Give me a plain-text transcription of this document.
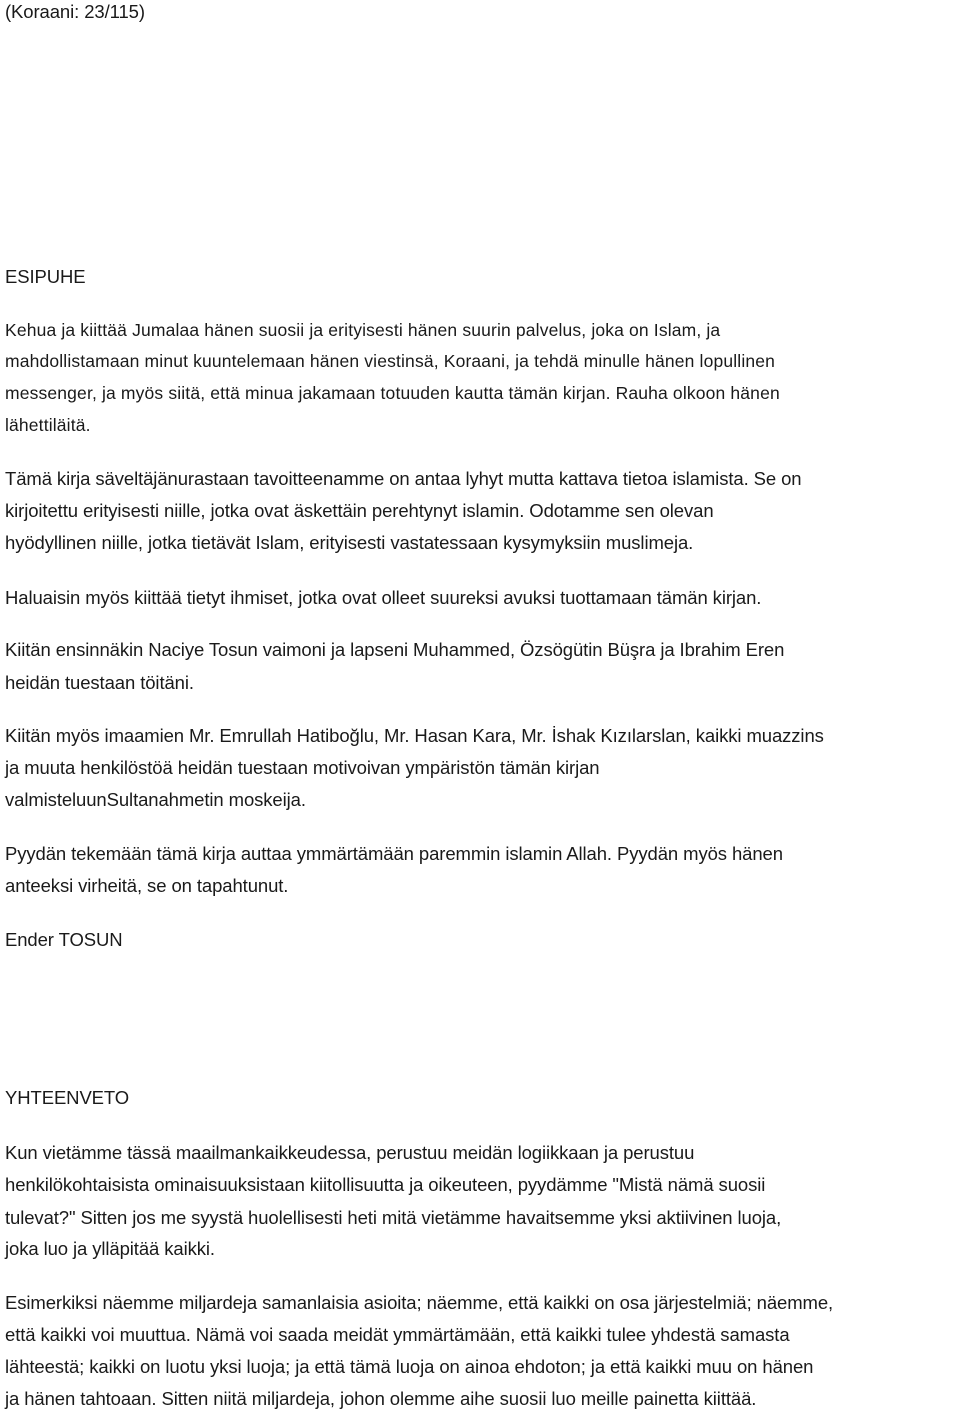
(Koraani: 23/115)
ESIPUHE
Kehua ja kiittää Jumalaa hänen suosii ja erityisesti hänen suurin palvelus, joka on Islam, ja
mahdollistamaan minut kuuntelemaan hänen viestinsä, Koraani, ja tehdä minulle hänen lopullinen
messenger, ja myös siitä, että minua jakamaan totuuden kautta tämän kirjan. Rauha olkoon hänen
lähettiläitä.
Tämä kirja säveltäjänurastaan tavoitteenamme on antaa lyhyt mutta kattava tietoa islamista. Se on
kirjoitettu erityisesti niille, jotka ovat äskettäin perehtynyt islamin. Odotamme sen olevan
hyödyllinen niille, jotka tietävät Islam, erityisesti vastatessaan kysymyksiin muslimeja.
Haluaisin myös kiittää tietyt ihmiset, jotka ovat olleet suureksi avuksi tuottamaan tämän kirjan.
Kiitän ensinnäkin Naciye Tosun vaimoni ja lapseni Muhammed, Özsögütin Büşra ja Ibrahim Eren
heidän tuestaan töitäni.
Kiitän myös imaamien Mr. Emrullah Hatiboğlu, Mr. Hasan Kara, Mr. İshak Kızılarslan, kaikki muazzins
ja muuta henkilöstöä heidän tuestaan motivoivan ympäristön tämän kirjan
valmisteluunSultanahmetin moskeija.
Pyydän tekemään tämä kirja auttaa ymmärtämään paremmin islamin Allah. Pyydän myös hänen
anteeksi virheitä, se on tapahtunut.
Ender TOSUN
YHTEENVETO
Kun vietämme tässä maailmankaikkeudessa, perustuu meidän logiikkaan ja perustuu
henkilökohtaisista ominaisuuksistaan kiitollisuutta ja oikeuteen, pyydämme "Mistä nämä suosii
tulevat?" Sitten jos me syystä huolellisesti heti mitä vietämme havaitsemme yksi aktiivinen luoja,
joka luo ja ylläpitää kaikki.
Esimerkiksi näemme miljardeja samanlaisia asioita; näemme, että kaikki on osa järjestelmiä; näemme,
että kaikki voi muuttua. Nämä voi saada meidät ymmärtämään, että kaikki tulee yhdestä samasta
lähteestä; kaikki on luotu yksi luoja; ja että tämä luoja on ainoa ehdoton; ja että kaikki muu on hänen
ja hänen tahtoaan. Sitten niitä miljardeja, johon olemme aihe suosii luo meille painetta kiittää.
